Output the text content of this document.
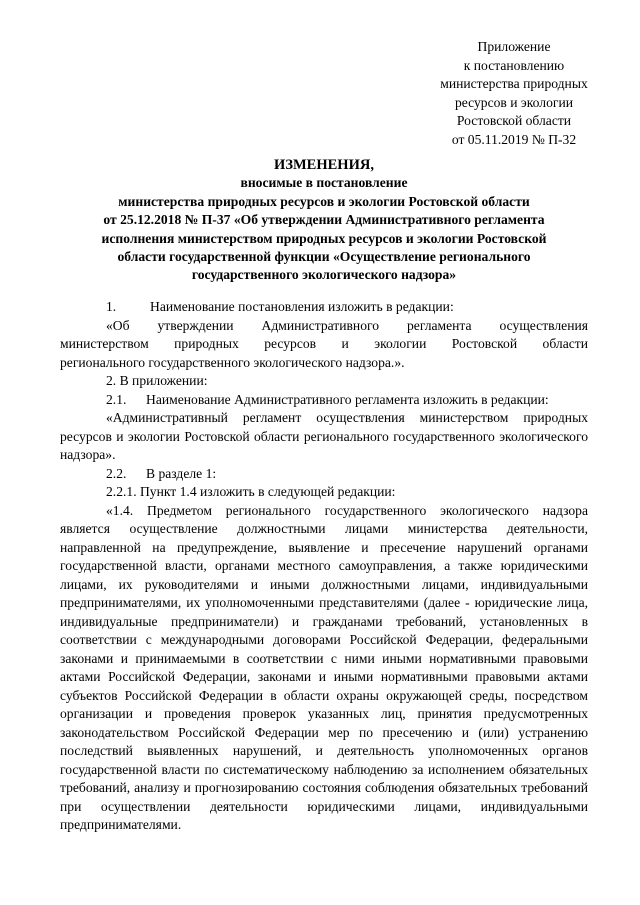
Приложение
к постановлению
министерства природных
ресурсов и экологии
Ростовской области
от 05.11.2019 № П-32
ИЗМЕНЕНИЯ,
вносимые в постановление
министерства природных ресурсов и экологии Ростовской области
от 25.12.2018 № П-37 «Об утверждении Административного регламента
исполнения министерством природных ресурсов и экологии Ростовской
области государственной функции «Осуществление регионального
государственного экологического надзора»

1. Наименование постановления изложить в редакции:

«Об утверждении Административного регламента осуществления

министерством природных ресурсов и экологии Ростовской области

регионального государственного экологического надзора.».

2. В приложении:

2.1. Наименование Административного регламента изложить в редакции:

«Административный регламент осуществления министерством природных ресурсов и экологии Ростовской области регионального государственного экологического надзора».

2.2. В разделе 1:

2.2.1. Пункт 1.4 изложить в следующей редакции:

«1.4. Предметом регионального государственного экологического надзора является осуществление должностными лицами министерства деятельности, направленной на предупреждение, выявление и пресечение нарушений органами государственной власти, органами местного самоуправления, а также юридическими лицами, их руководителями и иными должностными лицами, индивидуальными предпринимателями, их уполномоченными представителями (далее - юридические лица, индивидуальные предприниматели) и гражданами требований, установленных в соответствии с международными договорами Российской Федерации, федеральными законами и принимаемыми в соответствии с ними иными нормативными правовыми актами Российской Федерации, законами и иными нормативными правовыми актами субъектов Российской Федерации в области охраны окружающей среды, посредством организации и проведения проверок указанных лиц, принятия предусмотренных законодательством Российской Федерации мер по пресечению и (или) устранению последствий выявленных нарушений, и деятельность уполномоченных органов государственной власти по систематическому наблюдению за исполнением обязательных требований, анализу и прогнозированию состояния соблюдения обязательных требований при осуществлении деятельности юридическими лицами, индивидуальными предпринимателями.
